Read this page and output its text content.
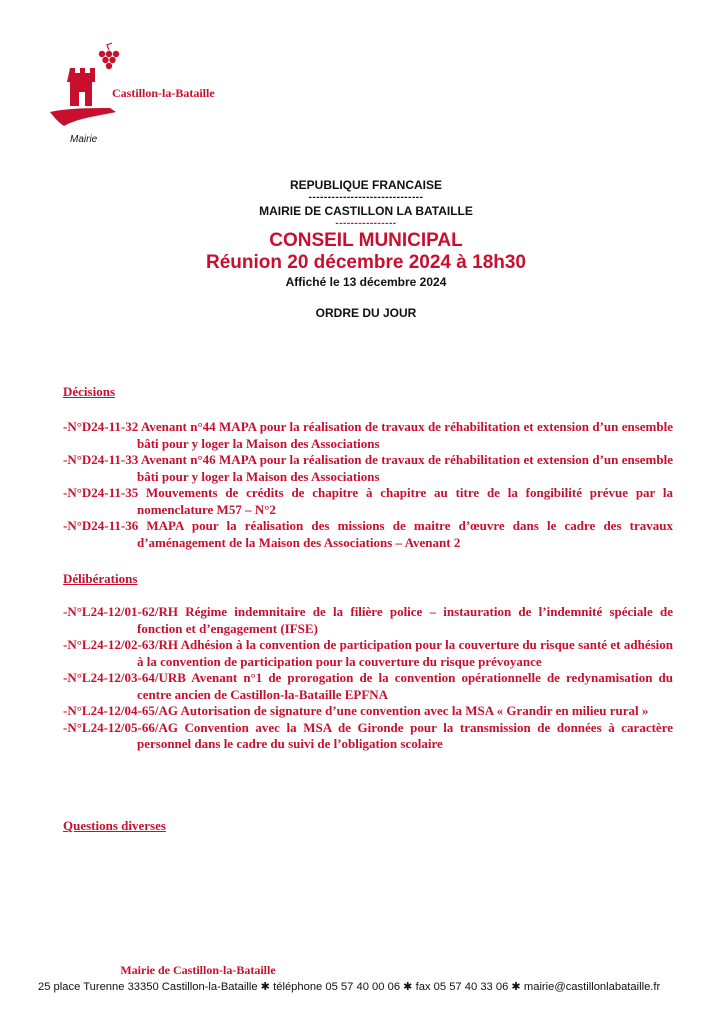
Castillon-la-Bataille
Mairie
REPUBLIQUE FRANCAISE
------------------------------
MAIRIE DE CASTILLON LA BATAILLE
----------------
CONSEIL MUNICIPAL
Réunion 20 décembre 2024 à 18h30
Affiché le 13 décembre 2024
ORDRE DU JOUR
Décisions
-N°D24-11-32 Avenant n°44 MAPA pour la réalisation de travaux de réhabilitation et extension d’un ensemble bâti pour y loger la Maison des Associations
-N°D24-11-33 Avenant n°46 MAPA pour la réalisation de travaux de réhabilitation et extension d’un ensemble bâti pour y loger la Maison des Associations
-N°D24-11-35 Mouvements de crédits de chapitre à chapitre au titre de la fongibilité prévue par la nomenclature M57 – N°2
-N°D24-11-36 MAPA pour la réalisation des missions de maitre d’œuvre dans le cadre des travaux d’aménagement de la Maison des Associations – Avenant 2
Délibérations
-N°L24-12/01-62/RH Régime indemnitaire de la filière police – instauration de l’indemnité spéciale de fonction et d’engagement (IFSE)
-N°L24-12/02-63/RH Adhésion à la convention de participation pour la couverture du risque santé et adhésion à la convention de participation pour la couverture du risque prévoyance
-N°L24-12/03-64/URB Avenant n°1 de prorogation de la convention opérationnelle de redynamisation du centre ancien de Castillon-la-Bataille EPFNA
-N°L24-12/04-65/AG Autorisation de signature d’une convention avec la MSA « Grandir en milieu rural »
-N°L24-12/05-66/AG Convention avec la MSA de Gironde pour la transmission de données à caractère personnel dans le cadre du suivi de l’obligation scolaire
Questions diverses
Mairie de Castillon-la-Bataille
25 place Turenne 33350 Castillon-la-Bataille ✱ téléphone 05 57 40 00 06 ✱ fax 05 57 40 33 06 ✱ mairie@castillonlabataille.fr
